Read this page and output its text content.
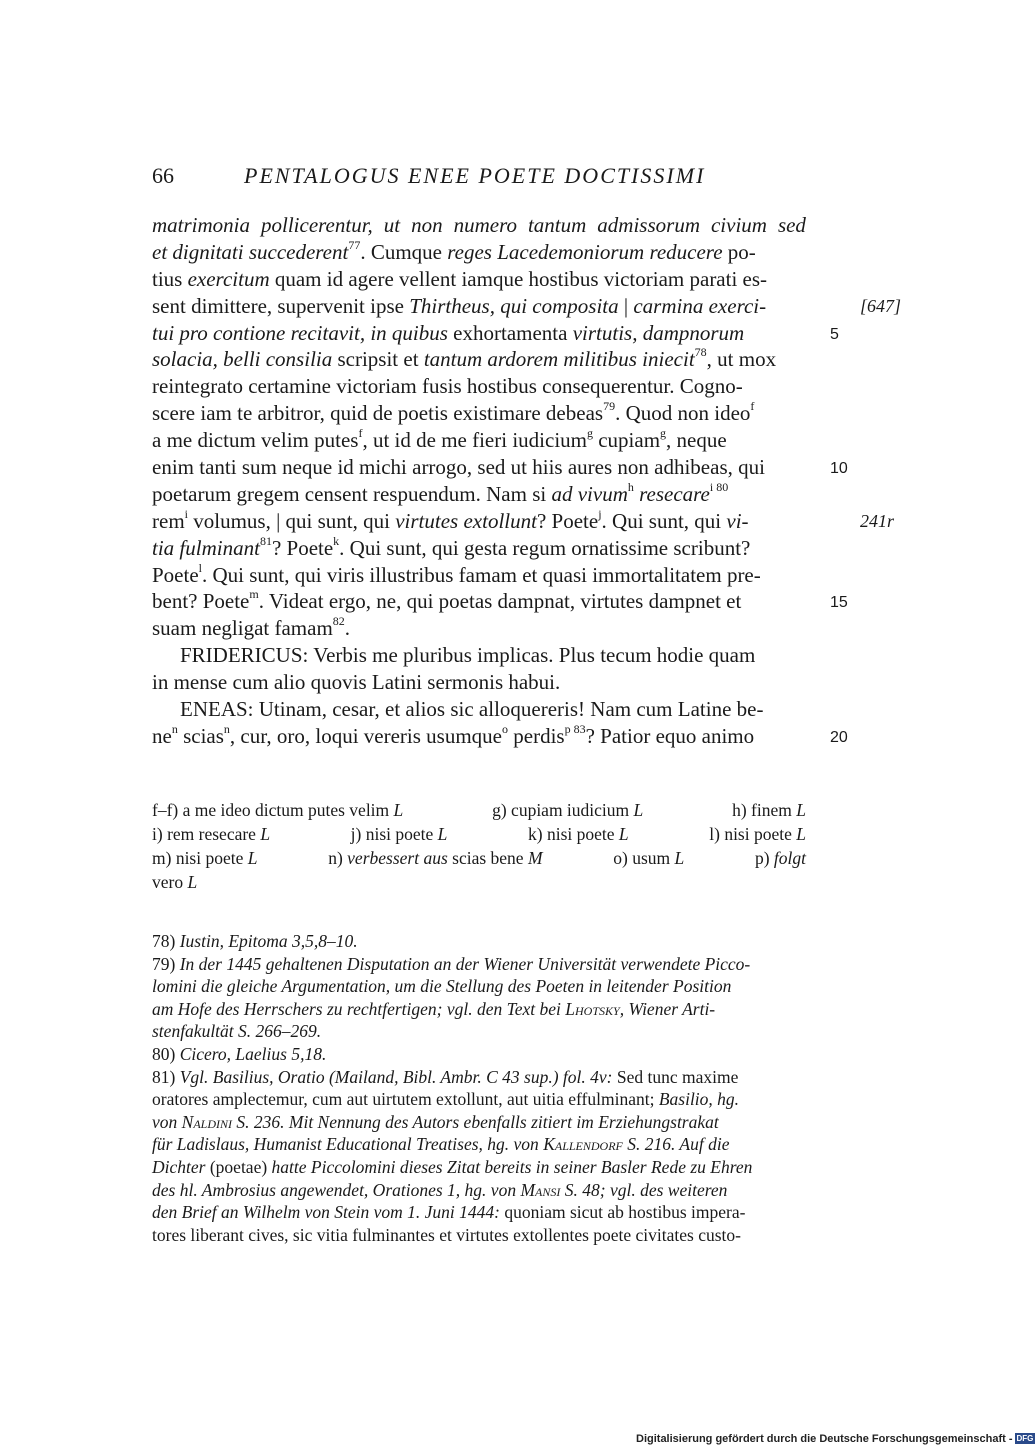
66	PENTALOGUS ENEE POETE DOCTISSIMI
matrimonia pollicerentur, ut non numero tantum admissorum civium sed
et dignitati succederent$^{77}$. Cumque reges Lacedemoniorum reducere po-
tius exercitum quam id agere vellent iamque hostibus victoriam parati es-
sent dimittere, supervenit ipse Thirtheus, qui composita | carmina exerci-	[647]
tui pro contione recitavit, in quibus exhortamenta virtutis, dampnorum	5
solacia, belli consilia scripsit et tantum ardorem militibus iniecit$^{78}$, ut mox
reintegrato certamine victoriam fusis hostibus consequerentur. Cogno-
scere iam te arbitror, quid de poetis existimare debeas$^{79}$. Quod non ideo$^f$
a me dictum velim putes$^f$, ut id de me fieri iudicium$^g$ cupiam$^g$, neque
enim tanti sum neque id michi arrogo, sed ut hiis aures non adhibeas, qui	10
poetarum gregem censent respuendum. Nam si ad vivum$^h$ resecare$^{i 80}$
rem$^i$ volumus, | qui sunt, qui virtutes extollunt? Poete$^j$. Qui sunt, qui vi-	241r
tia fulminant$^{81}$? Poete$^k$. Qui sunt, qui gesta regum ornatissime scribunt?
Poete$^l$. Qui sunt, qui viris illustribus famam et quasi immortalitatem pre-
bent? Poete$^m$. Videat ergo, ne, qui poetas dampnat, virtutes dampnet et	15
suam negligat famam$^{82}$.
FRIDERICUS: Verbis me pluribus implicas. Plus tecum hodie quam
in mense cum alio quovis Latini sermonis habui.
ENEAS: Utinam, cesar, et alios sic alloquereris! Nam cum Latine be-
$ne^n$ scias$^n$, cur, oro, loqui vereris usumque$^o$ perdis$^{p 83}$? Patior equo animo	20
f–f) a me ideo dictum putes velim L	g) cupiam iudicium L	h) finem L
i) rem resecare L	j) nisi poete L	k) nisi poete L	l) nisi poete L
m) nisi poete L	n) verbessert aus scias bene M	o) usum L	p) folgt
vero L
78) Iustin, Epitoma 3,5,8–10.
79) In der 1445 gehaltenen Disputation an der Wiener Universität verwendete Picco-
lomini die gleiche Argumentation, um die Stellung des Poeten in leitender Position
am Hofe des Herrschers zu rechtfertigen; vgl. den Text bei Lhotsky, Wiener Arti-
stenfakultät S. 266–269.
80) Cicero, Laelius 5,18.
81) Vgl. Basilius, Oratio (Mailand, Bibl. Ambr. C 43 sup.) fol. 4v: Sed tunc maxime
oratores amplectemur, cum aut uirtutem extollunt, aut uitia effulminant; Basilio, hg.
von Naldini S. 236. Mit Nennung des Autors ebenfalls zitiert im Erziehungstrakat
für Ladislaus, Humanist Educational Treatises, hg. von Kallendorf S. 216. Auf die
Dichter (poetae) hatte Piccolomini dieses Zitat bereits in seiner Basler Rede zu Ehren
des hl. Ambrosius angewendet, Orationes 1, hg. von Mansi S. 48; vgl. des weiteren
den Brief an Wilhelm von Stein vom 1. Juni 1444: quoniam sicut ab hostibus impera-
tores liberant cives, sic vitia fulminantes et virtutes extollentes poete civitates custo-
Digitalisierung gefördert durch die Deutsche Forschungsgemeinschaft - DFG
